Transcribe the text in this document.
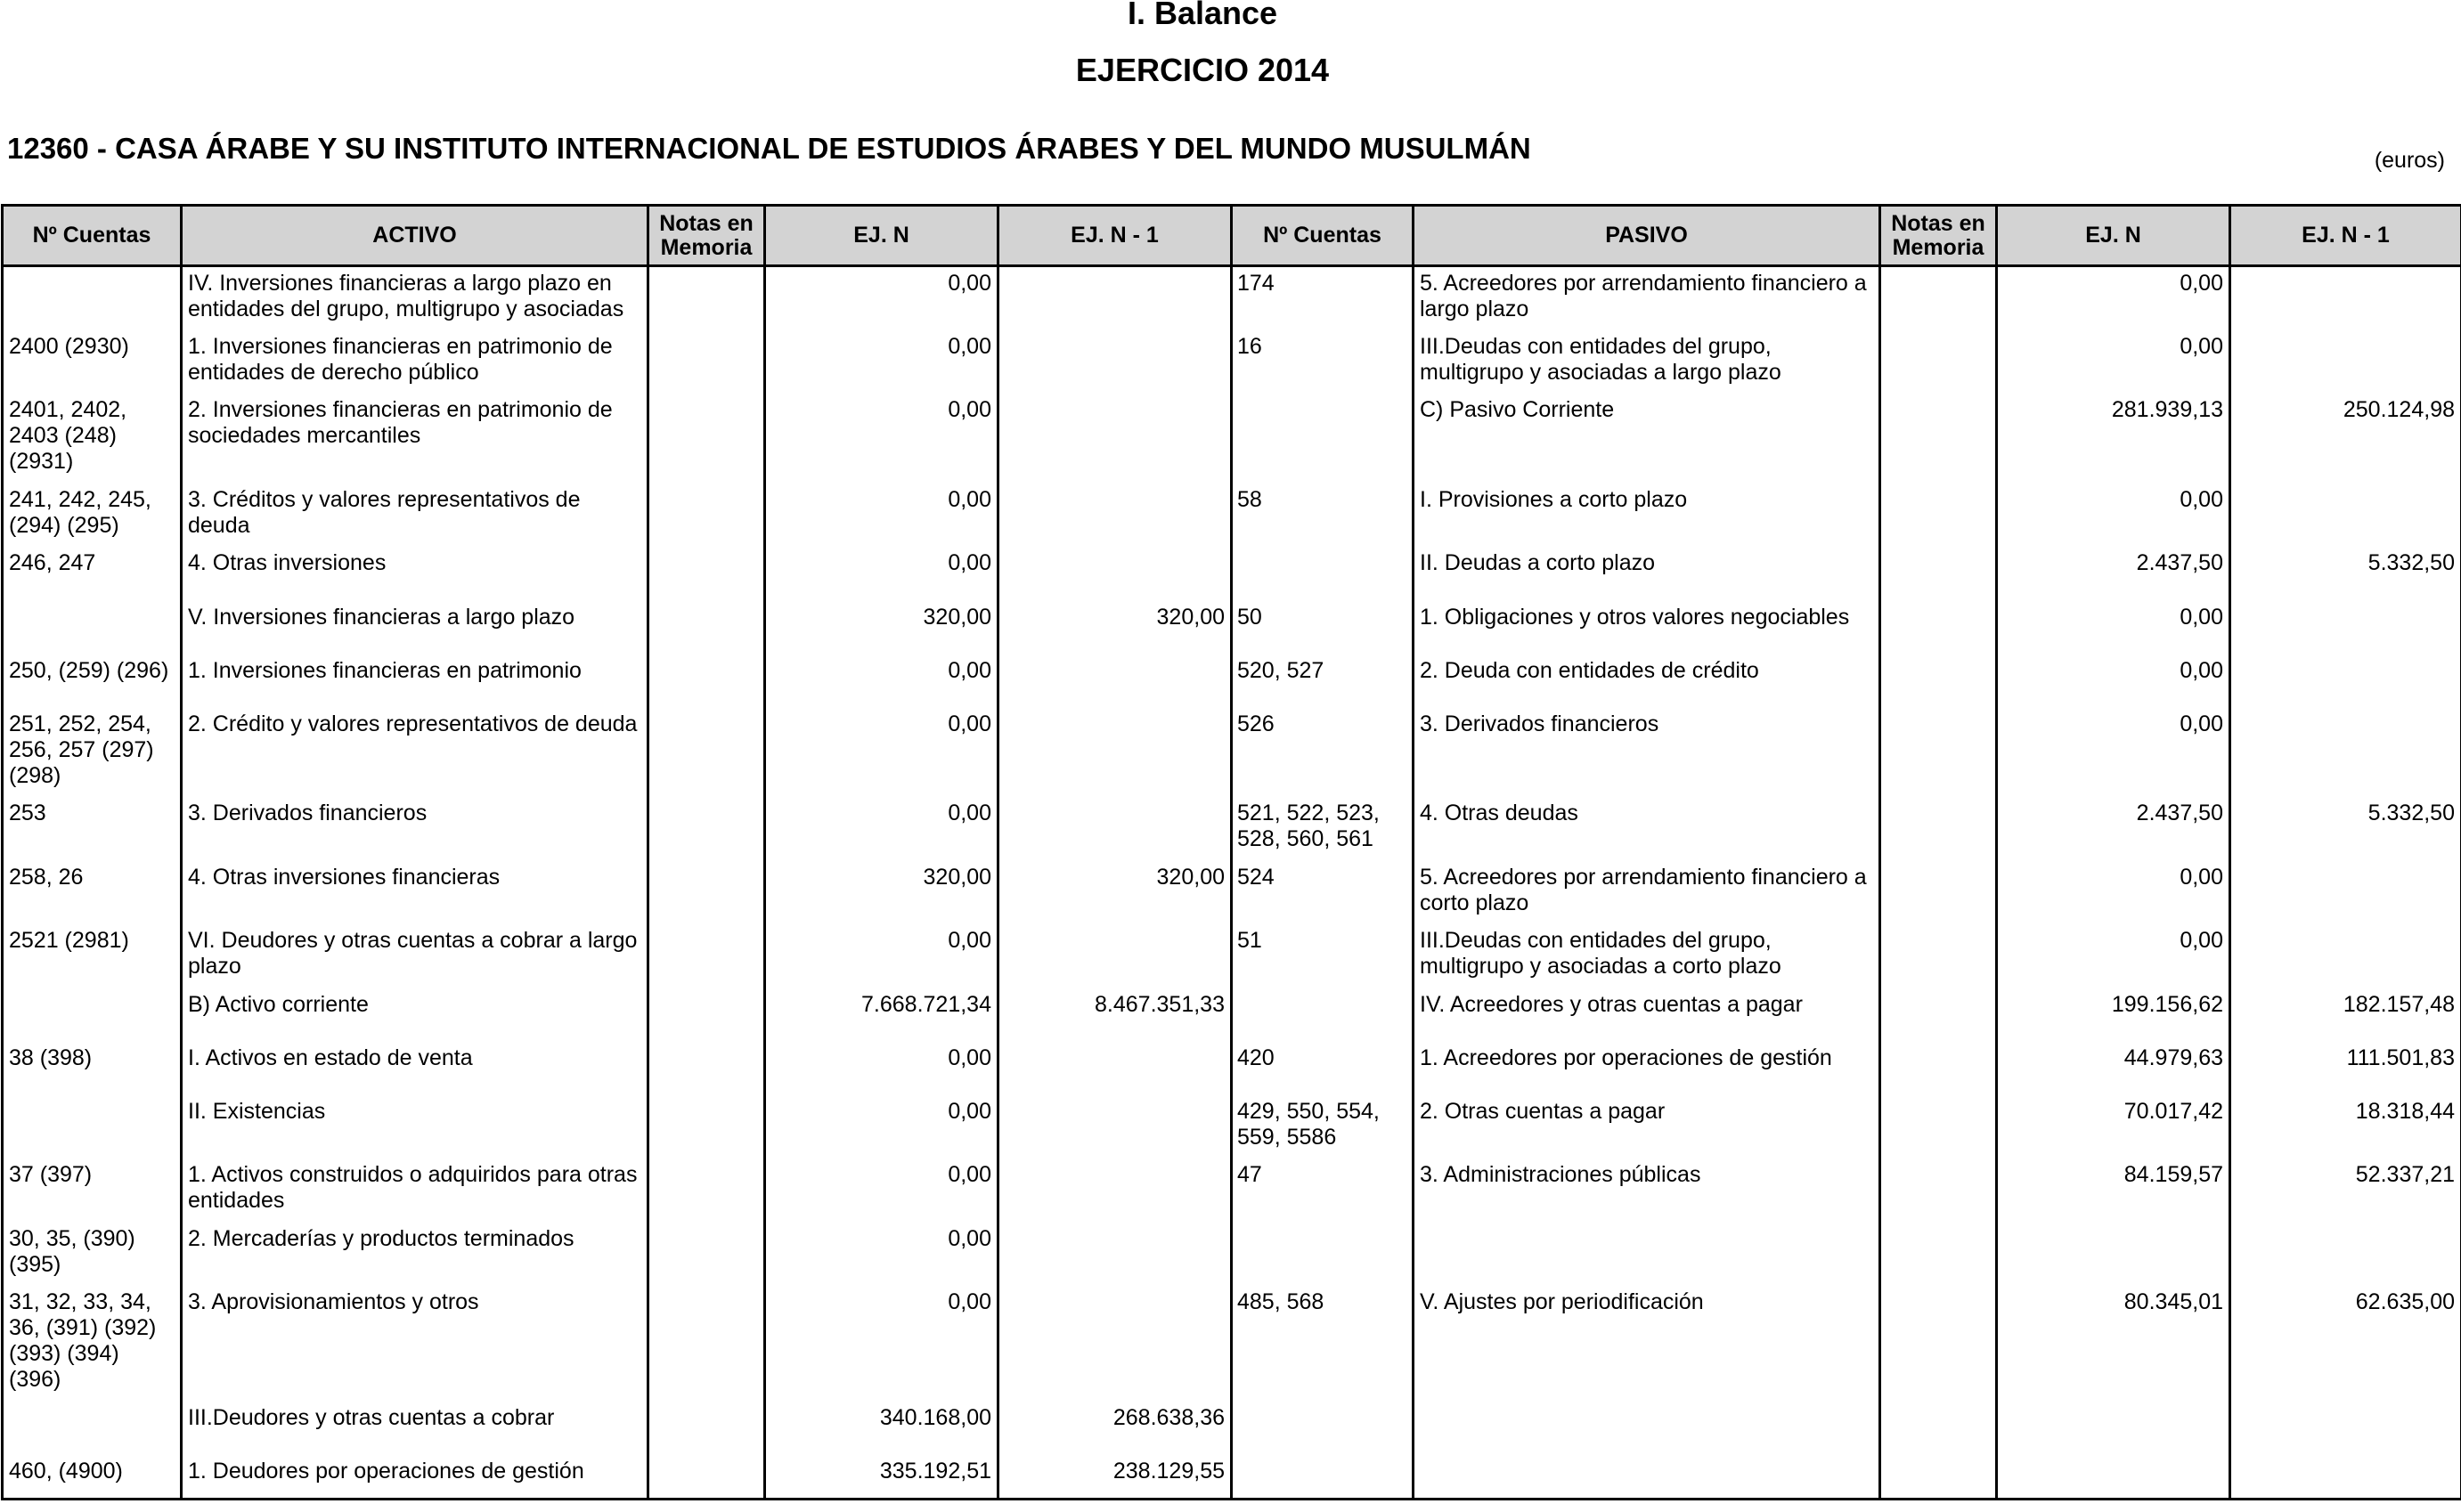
I. Balance
EJERCICIO 2014
12360 - CASA ÁRABE Y SU INSTITUTO INTERNACIONAL DE ESTUDIOS ÁRABES Y DEL MUNDO MUSULMÁN	(euros)
Nº Cuentas	ACTIVO	Notas en Memoria	EJ. N	EJ. N - 1	Nº Cuentas	PASIVO	Notas en Memoria	EJ. N	EJ. N - 1
	IV. Inversiones financieras a largo plazo en entidades del grupo, multigrupo y asociadas		0,00		174	5. Acreedores por arrendamiento financiero a largo plazo		0,00	
2400 (2930)	1. Inversiones financieras en patrimonio de entidades de derecho público		0,00		16	III.Deudas con entidades del grupo, multigrupo y asociadas a largo plazo		0,00	
2401, 2402, 2403 (248) (2931)	2. Inversiones financieras en patrimonio de sociedades mercantiles		0,00			C) Pasivo Corriente		281.939,13	250.124,98
241, 242, 245, (294) (295)	3. Créditos y valores representativos de deuda		0,00		58	I. Provisiones a corto plazo		0,00	
246, 247	4. Otras inversiones		0,00			II. Deudas a corto plazo		2.437,50	5.332,50
	V. Inversiones financieras a largo plazo		320,00	320,00	50	1. Obligaciones y otros valores negociables		0,00	
250, (259) (296)	1. Inversiones financieras en patrimonio		0,00		520, 527	2. Deuda con entidades de crédito		0,00	
251, 252, 254, 256, 257 (297) (298)	2. Crédito y valores representativos de deuda		0,00		526	3. Derivados financieros		0,00	
253	3. Derivados financieros		0,00		521, 522, 523, 528, 560, 561	4. Otras deudas		2.437,50	5.332,50
258, 26	4. Otras inversiones financieras		320,00	320,00	524	5. Acreedores por arrendamiento financiero a corto plazo		0,00	
2521 (2981)	VI. Deudores y otras cuentas a cobrar a largo plazo		0,00		51	III.Deudas con entidades del grupo, multigrupo y asociadas a corto plazo		0,00	
	B) Activo corriente		7.668.721,34	8.467.351,33		IV. Acreedores y otras cuentas a pagar		199.156,62	182.157,48
38 (398)	I. Activos en estado de venta		0,00		420	1. Acreedores por operaciones de gestión		44.979,63	111.501,83
	II. Existencias		0,00		429, 550, 554, 559, 5586	2. Otras cuentas a pagar		70.017,42	18.318,44
37 (397)	1. Activos construidos o adquiridos para otras entidades		0,00		47	3. Administraciones públicas		84.159,57	52.337,21
30, 35, (390) (395)	2. Mercaderías y productos terminados		0,00						
31, 32, 33, 34, 36, (391) (392) (393) (394) (396)	3. Aprovisionamientos y otros		0,00		485, 568	V. Ajustes por periodificación		80.345,01	62.635,00
	III.Deudores y otras cuentas a cobrar		340.168,00	268.638,36					
460, (4900)	1. Deudores por operaciones de gestión		335.192,51	238.129,55					
